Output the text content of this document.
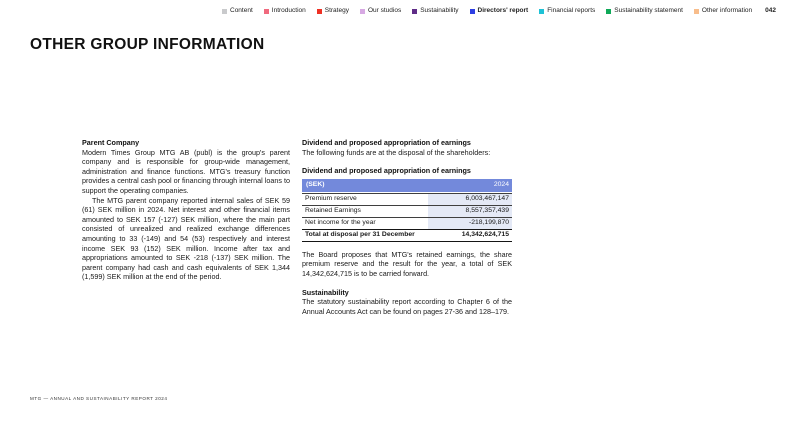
Content	Introduction	Strategy	Our studios	Sustainability	Directors' report	Financial reports	Sustainability statement	Other information 042
OTHER GROUP INFORMATION
Parent Company

Modern Times Group MTG AB (publ) is the group's parent company and is responsible for group-wide management, administration and finance functions. MTG's treasury function provides a central cash pool or financing through internal loans to support the operating companies.

The MTG parent company reported internal sales of SEK 59 (61) SEK million in 2024. Net interest and other financial items amounted to SEK 157 (-127) SEK million, where the main part consisted of unrealized and realized exchange differences amounting to 33 (-149) and 54 (53) respectively and interest income SEK 93 (152) SEK million. Income after tax and appropriations amounted to SEK -218 (-137) SEK million. The parent company had cash and cash equivalents of SEK 1,344 (1,599) SEK million at the end of the period.

Dividend and proposed appropriation of earnings

The following funds are at the disposal of the shareholders:

Dividend and proposed appropriation of earnings
(SEK)	2024
Premium reserve	6,003,467,147
Retained Earnings	8,557,357,439
Net income for the year	-218,199,870
Total at disposal per 31 December	14,342,624,715

The Board proposes that MTG's retained earnings, the share premium reserve and the result for the year, a total of SEK 14,342,624,715 is to be carried forward.

Sustainability

The statutory sustainability report according to Chapter 6 of the Annual Accounts Act can be found on pages 27-36 and 128–179.

MTG — ANNUAL AND SUSTAINABILITY REPORT 2024
